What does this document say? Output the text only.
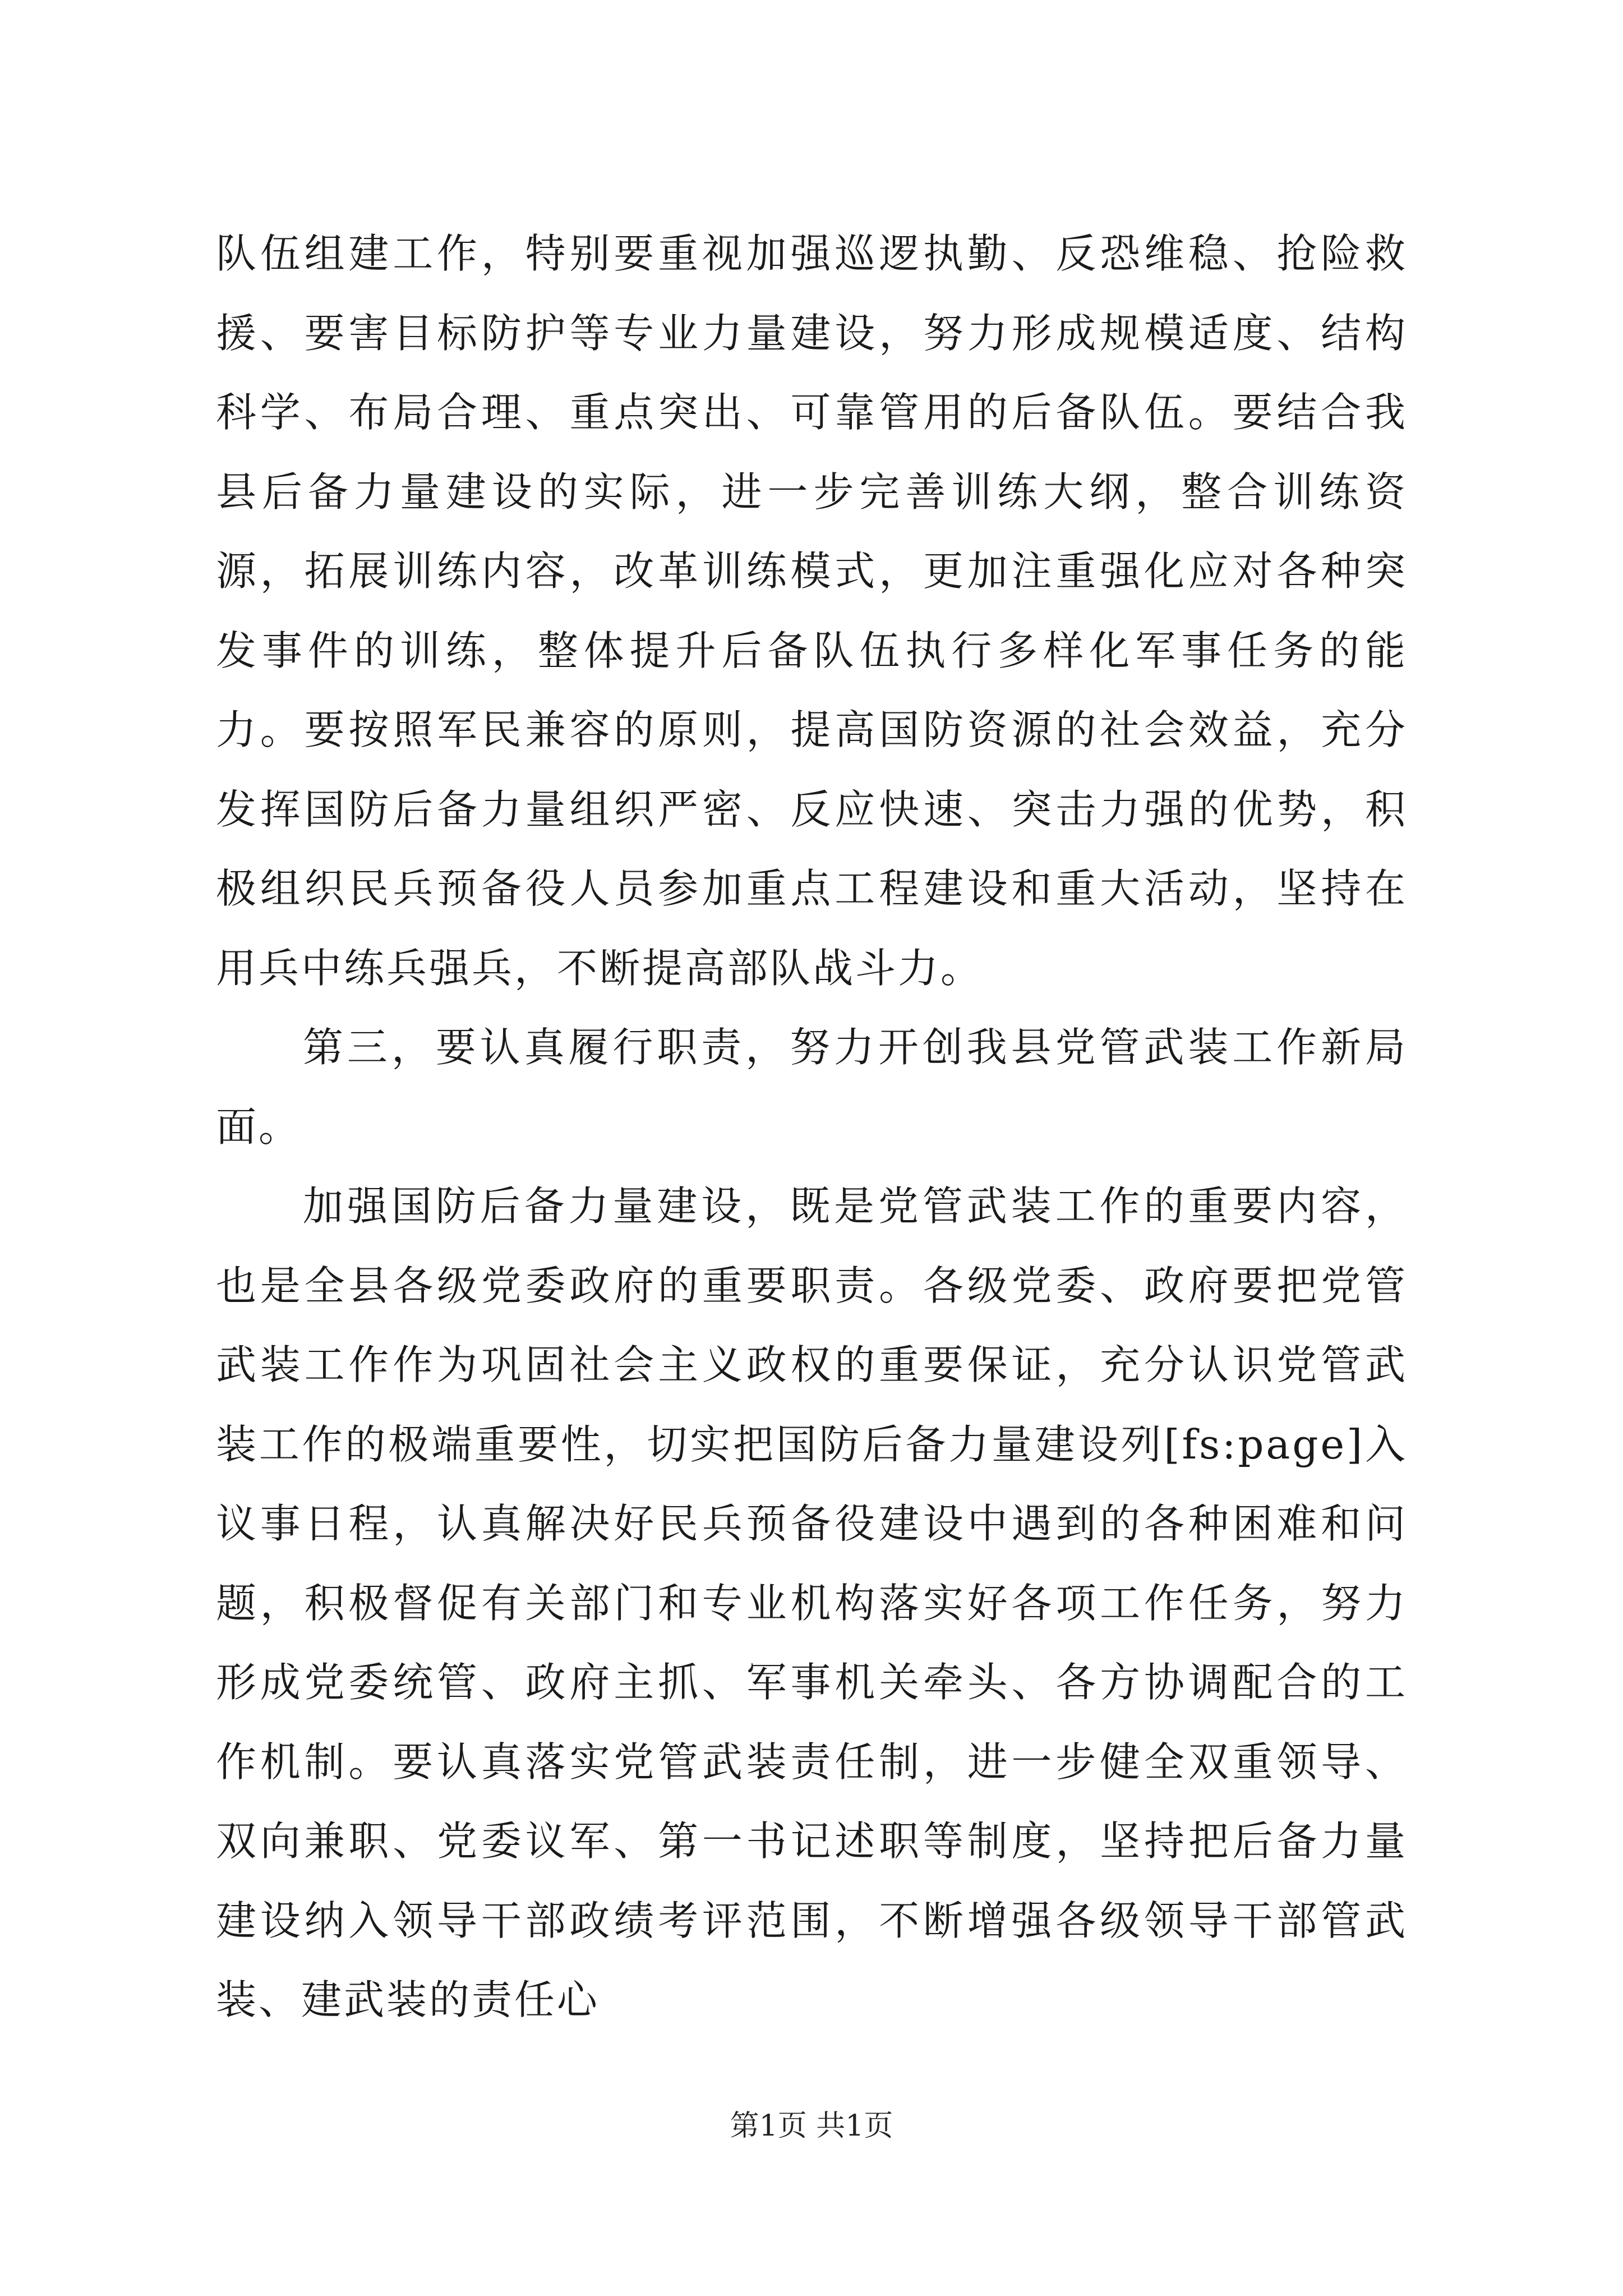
队伍组建工作，特别要重视加强巡逻执勤、反恐维稳、抢险救援、要害目标防护等专业力量建设，努力形成规模适度、结构科学、布局合理、重点突出、可靠管用的后备队伍。要结合我县后备力量建设的实际，进一步完善训练大纲，整合训练资源，拓展训练内容，改革训练模式，更加注重强化应对各种突发事件的训练，整体提升后备队伍执行多样化军事任务的能力。要按照军民兼容的原则，提高国防资源的社会效益，充分发挥国防后备力量组织严密、反应快速、突击力强的优势，积极组织民兵预备役人员参加重点工程建设和重大活动，坚持在用兵中练兵强兵，不断提高部队战斗力。

第三，要认真履行职责，努力开创我县党管武装工作新局面。

加强国防后备力量建设，既是党管武装工作的重要内容，也是全县各级党委政府的重要职责。各级党委、政府要把党管武装工作作为巩固社会主义政权的重要保证，充分认识党管武装工作的极端重要性，切实把国防后备力量建设列[fs:page]入议事日程，认真解决好民兵预备役建设中遇到的各种困难和问题，积极督促有关部门和专业机构落实好各项工作任务，努力形成党委统管、政府主抓、军事机关牵头、各方协调配合的工作机制。要认真落实党管武装责任制，进一步健全双重领导、双向兼职、党委议军、第一书记述职等制度，坚持把后备力量建设纳入领导干部政绩考评范围，不断增强各级领导干部管武装、建武装的责任心

第1页 共1页
